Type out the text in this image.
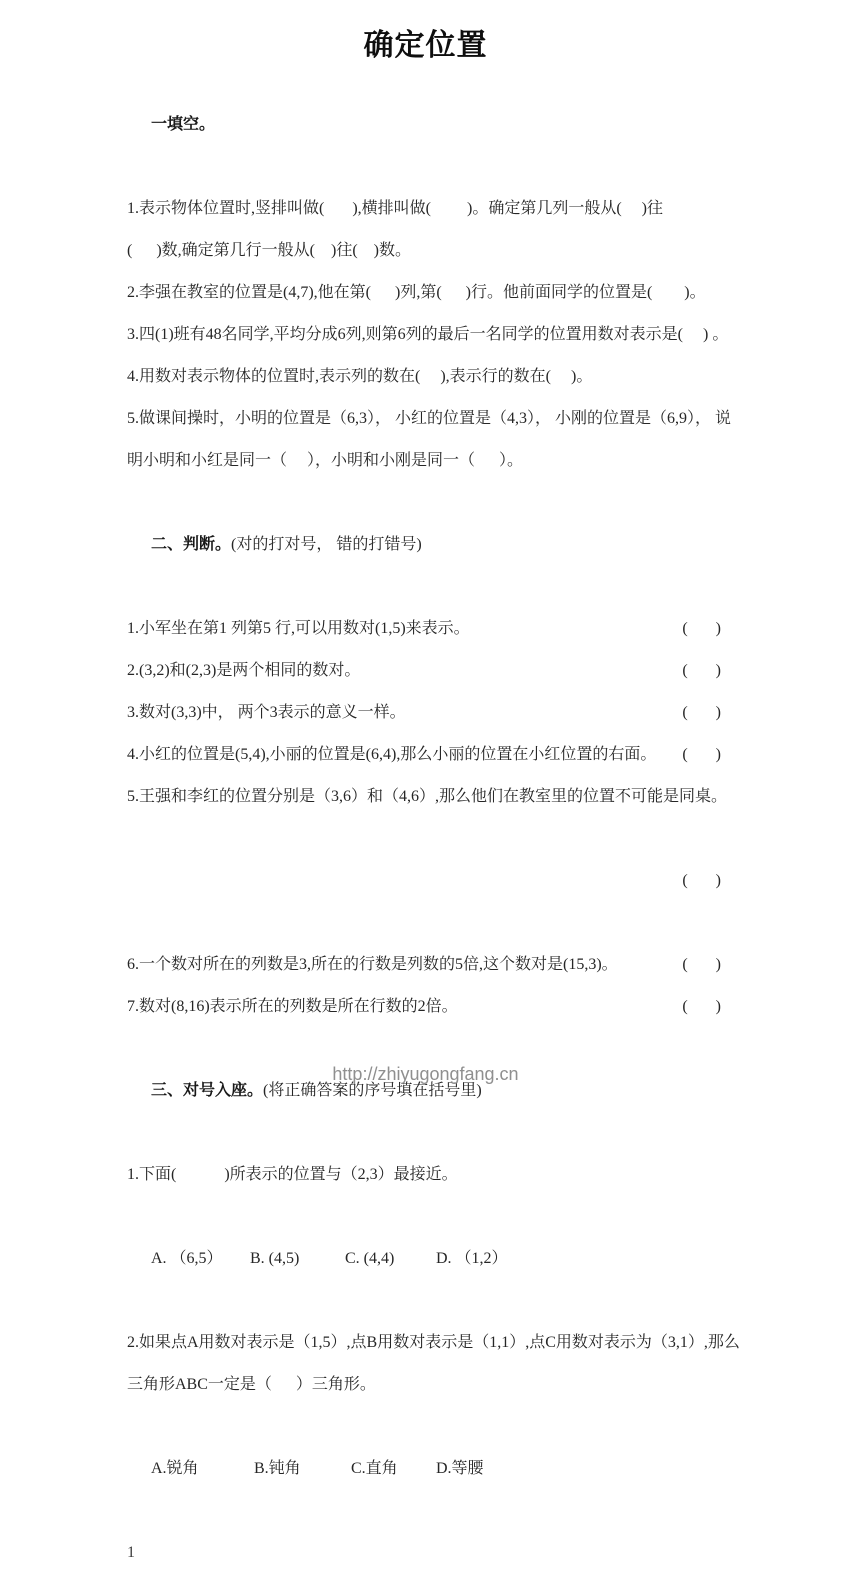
确定位置

一填空。

1.表示物体位置时,竖排叫做(       ),横排叫做(         )。确定第几列一般从(     )往

(      )数,确定第几行一般从(    )往(    )数。

2.李强在教室的位置是(4,7),他在第(      )列,第(      )行。他前面同学的位置是(        )。

3.四(1)班有48名同学,平均分成6列,则第6列的最后一名同学的位置用数对表示是(     ) 。

4.用数对表示物体的位置时,表示列的数在(     ),表示行的数在(     )。

5.做课间操时，小明的位置是（6,3）， 小红的位置是（4,3）， 小刚的位置是（6,9）， 说

明小明和小红是同一（     ），小明和小刚是同一（      ）。

二、判断。(对的打对号， 错的打错号)

1.小军坐在第1 列第5 行,可以用数对(1,5)来表示。	(       )

2.(3,2)和(2,3)是两个相同的数对。	(       )

3.数对(3,3)中， 两个3表示的意义一样。	(       )

4.小红的位置是(5,4),小丽的位置是(6,4),那么小丽的位置在小红位置的右面。 (       )

5.王强和李红的位置分别是（3,6）和（4,6）,那么他们在教室里的位置不可能是同桌。

(       )

6.一个数对所在的列数是3,所在的行数是列数的5倍,这个数对是(15,3)。	(       )

7.数对(8,16)表示所在的列数是所在行数的2倍。	(       )

三、对号入座。(将正确答案的序号填在括号里)

1.下面(            )所表示的位置与（2,3）最接近。

A. （6,5） B. (4,5)	C. (4,4)	D. （1,2）

2.如果点A用数对表示是（1,5）,点B用数对表示是（1,1）,点C用数对表示为（3,1）,那么

三角形ABC一定是（      ）三角形。

A.锐角	B.钝角	C.直角 D.等腰

1

http://zhiyugongfang.cn
